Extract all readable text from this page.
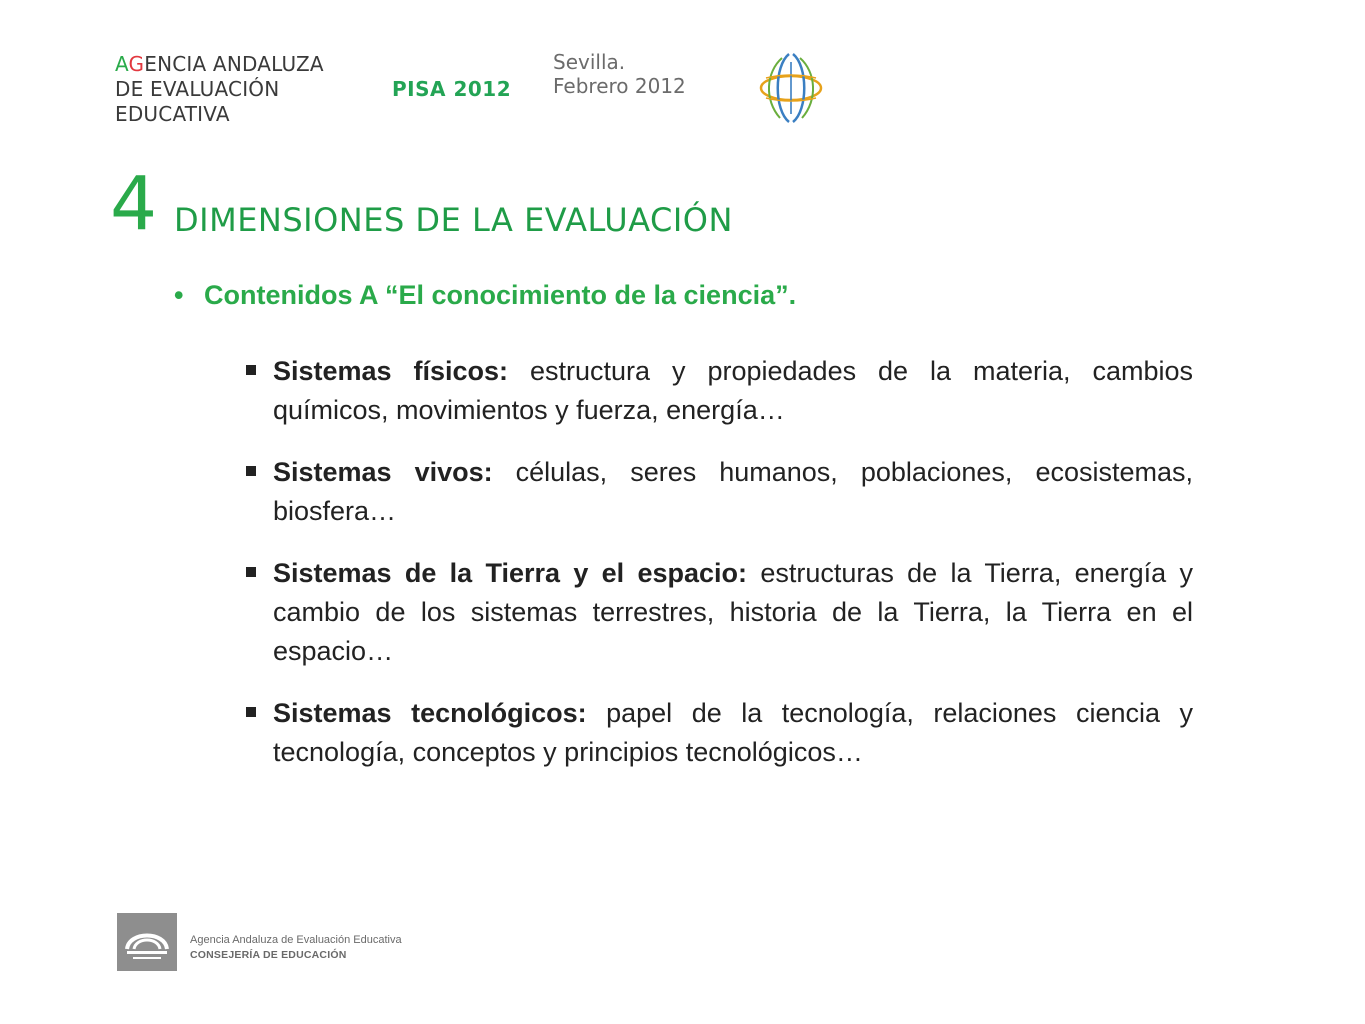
AGENCIA ANDALUZA
DE EVALUACIÓN
EDUCATIVA
PISA 2012
Sevilla.
Febrero 2012
4 DIMENSIONES DE LA EVALUACIÓN
• Contenidos A “El conocimiento de la ciencia”.
Sistemas físicos: estructura y propiedades de la materia, cambios químicos, movimientos y fuerza, energía…
Sistemas vivos: células, seres humanos, poblaciones, ecosistemas, biosfera…
Sistemas de la Tierra y el espacio: estructuras de la Tierra, energía y cambio de los sistemas terrestres, historia de la Tierra, la Tierra en el espacio…
Sistemas tecnológicos: papel de la tecnología, relaciones ciencia y tecnología, conceptos y principios tecnológicos…
Agencia Andaluza de Evaluación Educativa
CONSEJERÍA DE EDUCACIÓN
